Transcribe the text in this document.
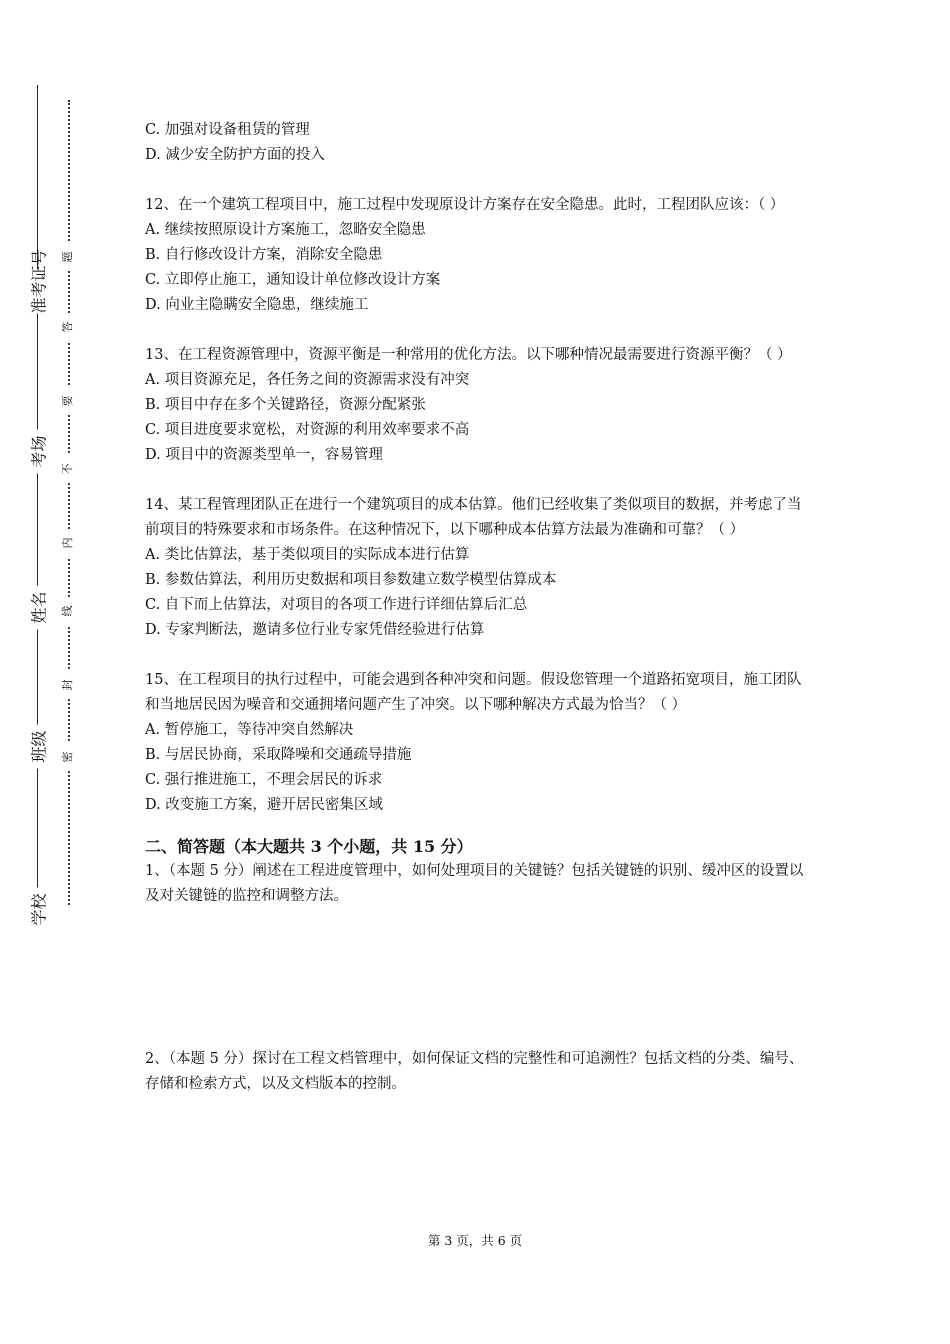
准考证号
考场
姓名
班级
学校
题
答
要
不
内
线
封
密

C. 加强对设备租赁的管理

D. 减少安全防护方面的投入

12、在一个建筑工程项目中，施工过程中发现原设计方案存在安全隐患。此时，工程团队应该：（ ）

A. 继续按照原设计方案施工，忽略安全隐患

B. 自行修改设计方案，消除安全隐患

C. 立即停止施工，通知设计单位修改设计方案

D. 向业主隐瞒安全隐患，继续施工

13、在工程资源管理中，资源平衡是一种常用的优化方法。以下哪种情况最需要进行资源平衡？（ ）

A. 项目资源充足，各任务之间的资源需求没有冲突

B. 项目中存在多个关键路径，资源分配紧张

C. 项目进度要求宽松，对资源的利用效率要求不高

D. 项目中的资源类型单一，容易管理

14、某工程管理团队正在进行一个建筑项目的成本估算。他们已经收集了类似项目的数据，并考虑了当前项目的特殊要求和市场条件。在这种情况下，以下哪种成本估算方法最为准确和可靠？（ ）

A. 类比估算法，基于类似项目的实际成本进行估算

B. 参数估算法，利用历史数据和项目参数建立数学模型估算成本

C. 自下而上估算法，对项目的各项工作进行详细估算后汇总

D. 专家判断法，邀请多位行业专家凭借经验进行估算

15、在工程项目的执行过程中，可能会遇到各种冲突和问题。假设您管理一个道路拓宽项目，施工团队和当地居民因为噪音和交通拥堵问题产生了冲突。以下哪种解决方式最为恰当？（ ）

A. 暂停施工，等待冲突自然解决

B. 与居民协商，采取降噪和交通疏导措施

C. 强行推进施工，不理会居民的诉求

D. 改变施工方案，避开居民密集区域

二、简答题（本大题共 3 个小题，共 15 分）

1、（本题 5 分）阐述在工程进度管理中，如何处理项目的关键链？包括关键链的识别、缓冲区的设置以及对关键链的监控和调整方法。

2、（本题 5 分）探讨在工程文档管理中，如何保证文档的完整性和可追溯性？包括文档的分类、编号、存储和检索方式，以及文档版本的控制。

第 3 页，共 6 页
